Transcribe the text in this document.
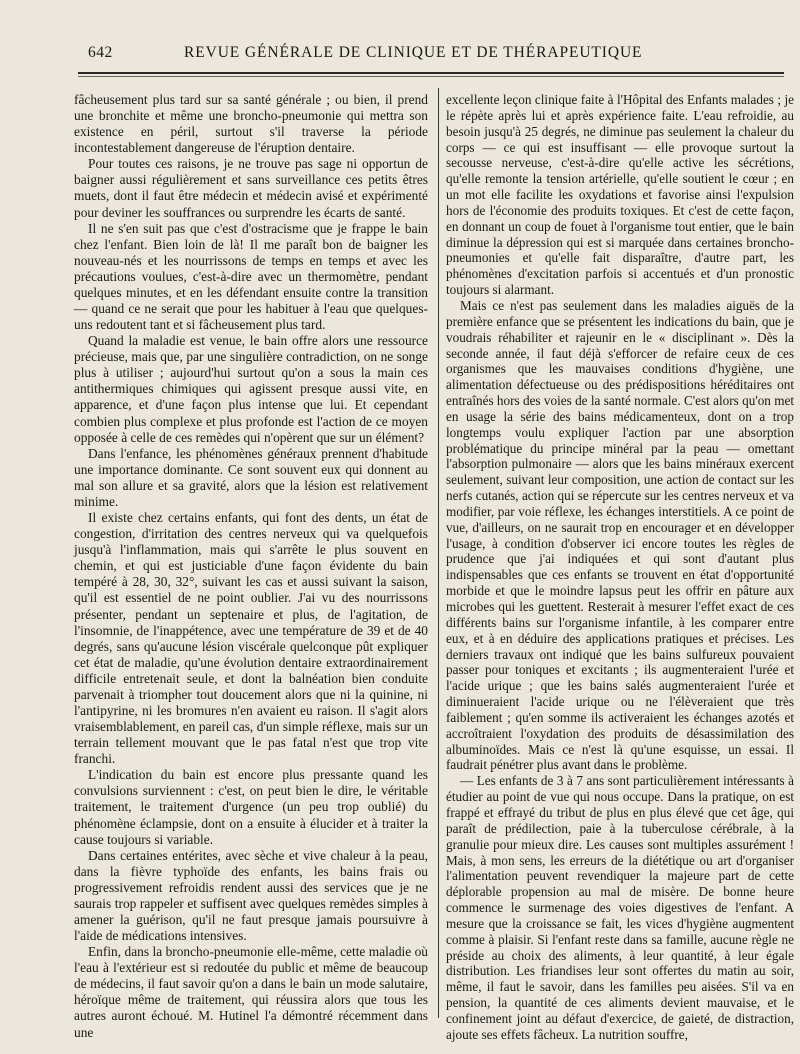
642	REVUE GÉNÉRALE DE CLINIQUE ET DE THÉRAPEUTIQUE

fâcheusement plus tard sur sa santé générale ; ou bien, il prend une bronchite et même une broncho-pneumonie qui mettra son existence en péril, surtout s'il traverse la période incontestablement dangereuse de l'éruption dentaire.

Pour toutes ces raisons, je ne trouve pas sage ni opportun de baigner aussi régulièrement et sans surveillance ces petits êtres muets, dont il faut être médecin et médecin avisé et expérimenté pour deviner les souffrances ou surprendre les écarts de santé.

Il ne s'en suit pas que c'est d'ostracisme que je frappe le bain chez l'enfant. Bien loin de là! Il me paraît bon de baigner les nouveau-nés et les nourrissons de temps en temps et avec les précautions voulues, c'est-à-dire avec un thermomètre, pendant quelques minutes, et en les défendant ensuite contre la transition — quand ce ne serait que pour les habituer à l'eau que quelques-uns redoutent tant et si fâcheusement plus tard.

Quand la maladie est venue, le bain offre alors une ressource précieuse, mais que, par une singulière contradiction, on ne songe plus à utiliser ; aujourd'hui surtout qu'on a sous la main ces antithermiques chimiques qui agissent presque aussi vite, en apparence, et d'une façon plus intense que lui. Et cependant combien plus complexe et plus profonde est l'action de ce moyen opposée à celle de ces remèdes qui n'opèrent que sur un élément?

Dans l'enfance, les phénomènes généraux prennent d'habitude une importance dominante. Ce sont souvent eux qui donnent au mal son allure et sa gravité, alors que la lésion est relativement minime.

Il existe chez certains enfants, qui font des dents, un état de congestion, d'irritation des centres nerveux qui va quelquefois jusqu'à l'inflammation, mais qui s'arrête le plus souvent en chemin, et qui est justiciable d'une façon évidente du bain tempéré à 28, 30, 32°, suivant les cas et aussi suivant la saison, qu'il est essentiel de ne point oublier. J'ai vu des nourrissons présenter, pendant un septenaire et plus, de l'agitation, de l'insomnie, de l'inappétence, avec une température de 39 et de 40 degrés, sans qu'aucune lésion viscérale quelconque pût expliquer cet état de maladie, qu'une évolution dentaire extraordinairement difficile entretenait seule, et dont la balnéation bien conduite parvenait à triompher tout doucement alors que ni la quinine, ni l'antipyrine, ni les bromures n'en avaient eu raison. Il s'agit alors vraisemblablement, en pareil cas, d'un simple réflexe, mais sur un terrain tellement mouvant que le pas fatal n'est que trop vite franchi.

L'indication du bain est encore plus pressante quand les convulsions surviennent : c'est, on peut bien le dire, le véritable traitement, le traitement d'urgence (un peu trop oublié) du phénomène éclampsie, dont on a ensuite à élucider et à traiter la cause toujours si variable.

Dans certaines entérites, avec sèche et vive chaleur à la peau, dans la fièvre typhoïde des enfants, les bains frais ou progressivement refroidis rendent aussi des services que je ne saurais trop rappeler et suffisent avec quelques remèdes simples à amener la guérison, qu'il ne faut presque jamais poursuivre à l'aide de médications intensives.

Enfin, dans la broncho-pneumonie elle-même, cette maladie où l'eau à l'extérieur est si redoutée du public et même de beaucoup de médecins, il faut savoir qu'on a dans le bain un mode salutaire, héroïque même de traitement, qui réussira alors que tous les autres auront échoué. M. Hutinel l'a démontré récemment dans une

excellente leçon clinique faite à l'Hôpital des Enfants malades ; je le répète après lui et après expérience faite. L'eau refroidie, au besoin jusqu'à 25 degrés, ne diminue pas seulement la chaleur du corps — ce qui est insuffisant — elle provoque surtout la secousse nerveuse, c'est-à-dire qu'elle active les sécrétions, qu'elle remonte la tension artérielle, qu'elle soutient le cœur ; en un mot elle facilite les oxydations et favorise ainsi l'expulsion hors de l'économie des produits toxiques. Et c'est de cette façon, en donnant un coup de fouet à l'organisme tout entier, que le bain diminue la dépression qui est si marquée dans certaines broncho-pneumonies et qu'elle fait disparaître, d'autre part, les phénomènes d'excitation parfois si accentués et d'un pronostic toujours si alarmant.

Mais ce n'est pas seulement dans les maladies aiguës de la première enfance que se présentent les indications du bain, que je voudrais réhabiliter et rajeunir en le « disciplinant ». Dès la seconde année, il faut déjà s'efforcer de refaire ceux de ces organismes que les mauvaises conditions d'hygiène, une alimentation défectueuse ou des prédispositions héréditaires ont entraînés hors des voies de la santé normale. C'est alors qu'on met en usage la série des bains médicamenteux, dont on a trop longtemps voulu expliquer l'action par une absorption problématique du principe minéral par la peau — omettant l'absorption pulmonaire — alors que les bains minéraux exercent seulement, suivant leur composition, une action de contact sur les nerfs cutanés, action qui se répercute sur les centres nerveux et va modifier, par voie réflexe, les échanges interstitiels. A ce point de vue, d'ailleurs, on ne saurait trop en encourager et en développer l'usage, à condition d'observer ici encore toutes les règles de prudence que j'ai indiquées et qui sont d'autant plus indispensables que ces enfants se trouvent en état d'opportunité morbide et que le moindre lapsus peut les offrir en pâture aux microbes qui les guettent. Resterait à mesurer l'effet exact de ces différents bains sur l'organisme infantile, à les comparer entre eux, et à en déduire des applications pratiques et précises. Les derniers travaux ont indiqué que les bains sulfureux pouvaient passer pour toniques et excitants ; ils augmenteraient l'urée et l'acide urique ; que les bains salés augmenteraient l'urée et diminueraient l'acide urique ou ne l'élèveraient que très faiblement ; qu'en somme ils activeraient les échanges azotés et accroîtraient l'oxydation des produits de désassimilation des albuminoïdes. Mais ce n'est là qu'une esquisse, un essai. Il faudrait pénétrer plus avant dans le problème.

— Les enfants de 3 à 7 ans sont particulièrement intéressants à étudier au point de vue qui nous occupe. Dans la pratique, on est frappé et effrayé du tribut de plus en plus élevé que cet âge, qui paraît de prédilection, paie à la tuberculose cérébrale, à la granulie pour mieux dire. Les causes sont multiples assurément ! Mais, à mon sens, les erreurs de la diététique ou art d'organiser l'alimentation peuvent revendiquer la majeure part de cette déplorable propension au mal de misère. De bonne heure commence le surmenage des voies digestives de l'enfant. A mesure que la croissance se fait, les vices d'hygiène augmentent comme à plaisir. Si l'enfant reste dans sa famille, aucune règle ne préside au choix des aliments, à leur quantité, à leur égale distribution. Les friandises leur sont offertes du matin au soir, même, il faut le savoir, dans les familles peu aisées. S'il va en pension, la quantité de ces aliments devient mauvaise, et le confinement joint au défaut d'exercice, de gaieté, de distraction, ajoute ses effets fâcheux. La nutrition souffre,
